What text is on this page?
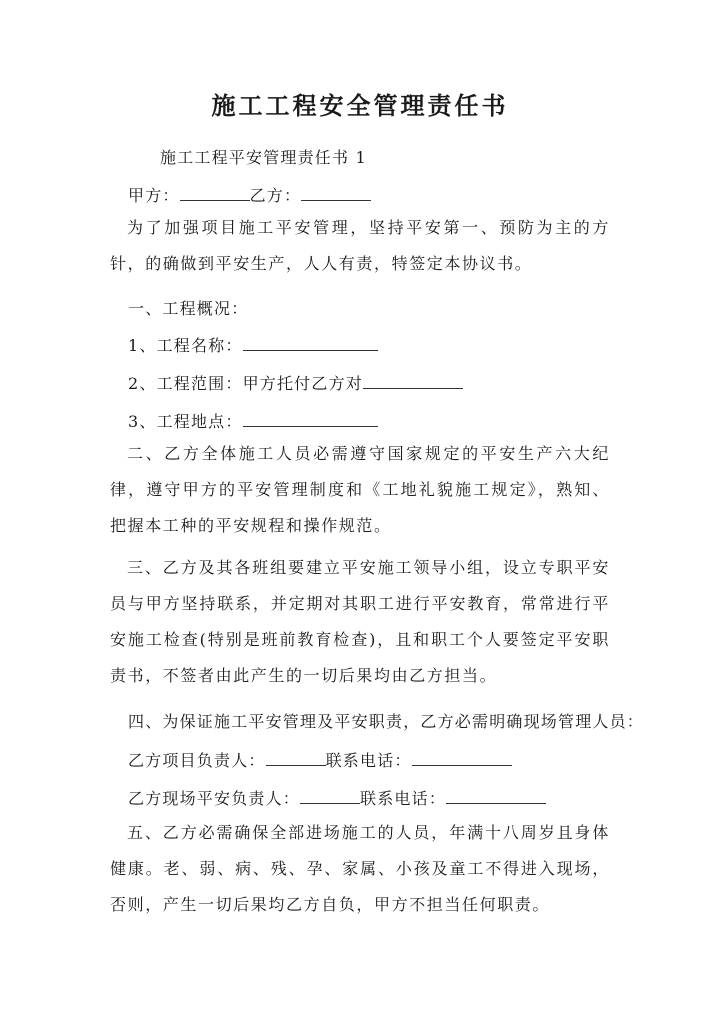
施工工程安全管理责任书
施工工程平安管理责任书 1
甲方：	乙方：
为了加强项目施工平安管理，坚持平安第一、预防为主的方针，的确做到平安生产，人人有责，特签定本协议书。
一、工程概况：
1、工程名称：
2、工程范围：甲方托付乙方对
3、工程地点：
二、乙方全体施工人员必需遵守国家规定的平安生产六大纪律，遵守甲方的平安管理制度和《工地礼貌施工规定》，熟知、把握本工种的平安规程和操作规范。
三、乙方及其各班组要建立平安施工领导小组，设立专职平安员与甲方坚持联系，并定期对其职工进行平安教育，常常进行平安施工检查(特别是班前教育检查)，且和职工个人要签定平安职责书，不签者由此产生的一切后果均由乙方担当。
四、为保证施工平安管理及平安职责，乙方必需明确现场管理人员：
乙方项目负责人：	联系电话：
乙方现场平安负责人：	联系电话：
五、乙方必需确保全部进场施工的人员，年满十八周岁且身体健康。老、弱、病、残、孕、家属、小孩及童工不得进入现场，否则，产生一切后果均乙方自负，甲方不担当任何职责。
